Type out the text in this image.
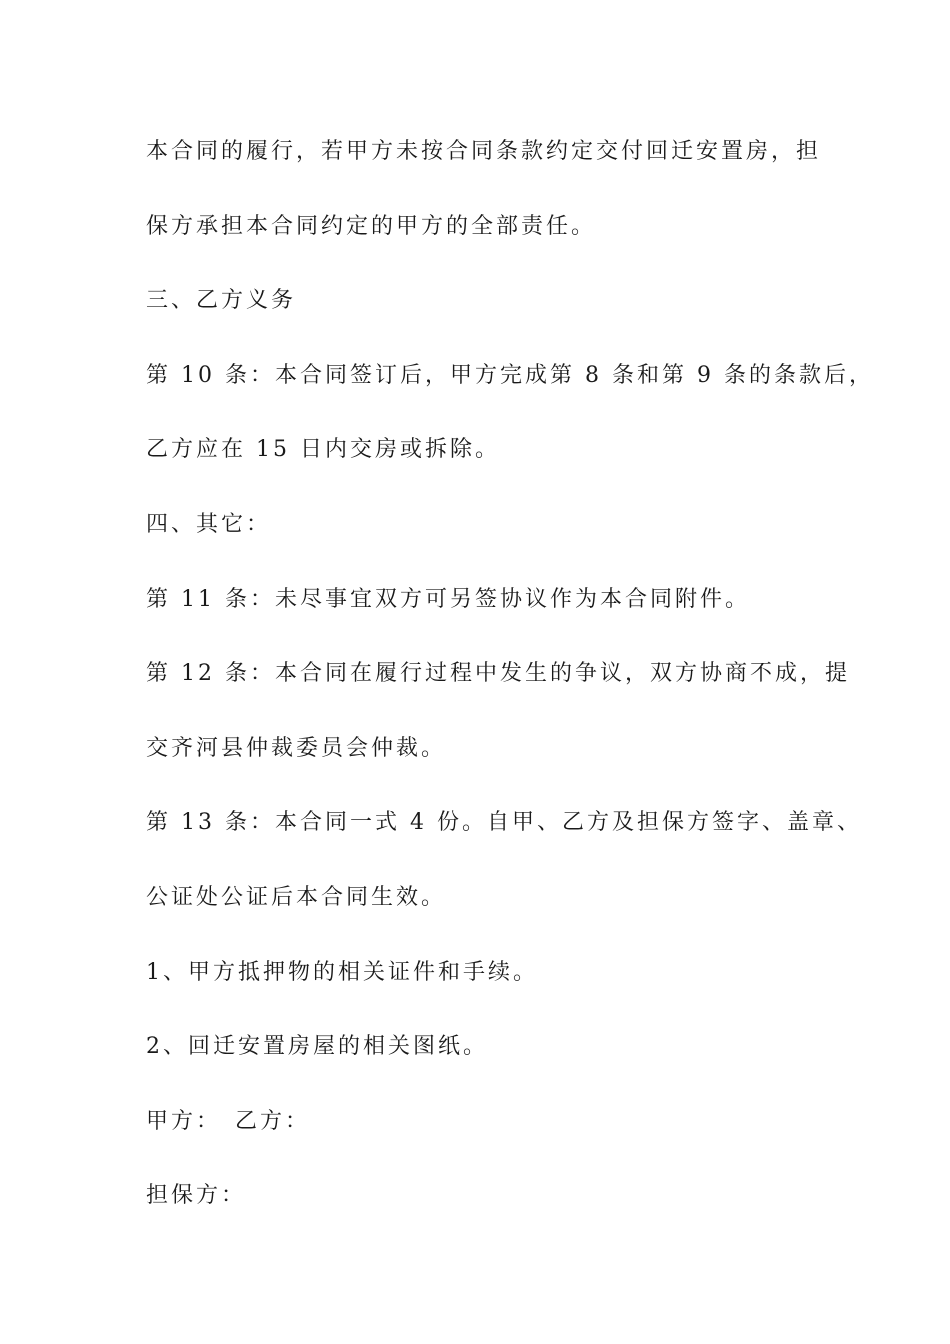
本合同的履行，若甲方未按合同条款约定交付回迁安置房，担

保方承担本合同约定的甲方的全部责任。

三、乙方义务

第 10 条：本合同签订后，甲方完成第 8 条和第 9 条的条款后，

乙方应在 15 日内交房或拆除。

四、其它：

第 11 条：未尽事宜双方可另签协议作为本合同附件。

第 12 条：本合同在履行过程中发生的争议，双方协商不成，提

交齐河县仲裁委员会仲裁。

第 13 条：本合同一式 4 份。自甲、乙方及担保方签字、盖章、

公证处公证后本合同生效。

1、甲方抵押物的相关证件和手续。

2、回迁安置房屋的相关图纸。

甲方：　乙方：

担保方：
